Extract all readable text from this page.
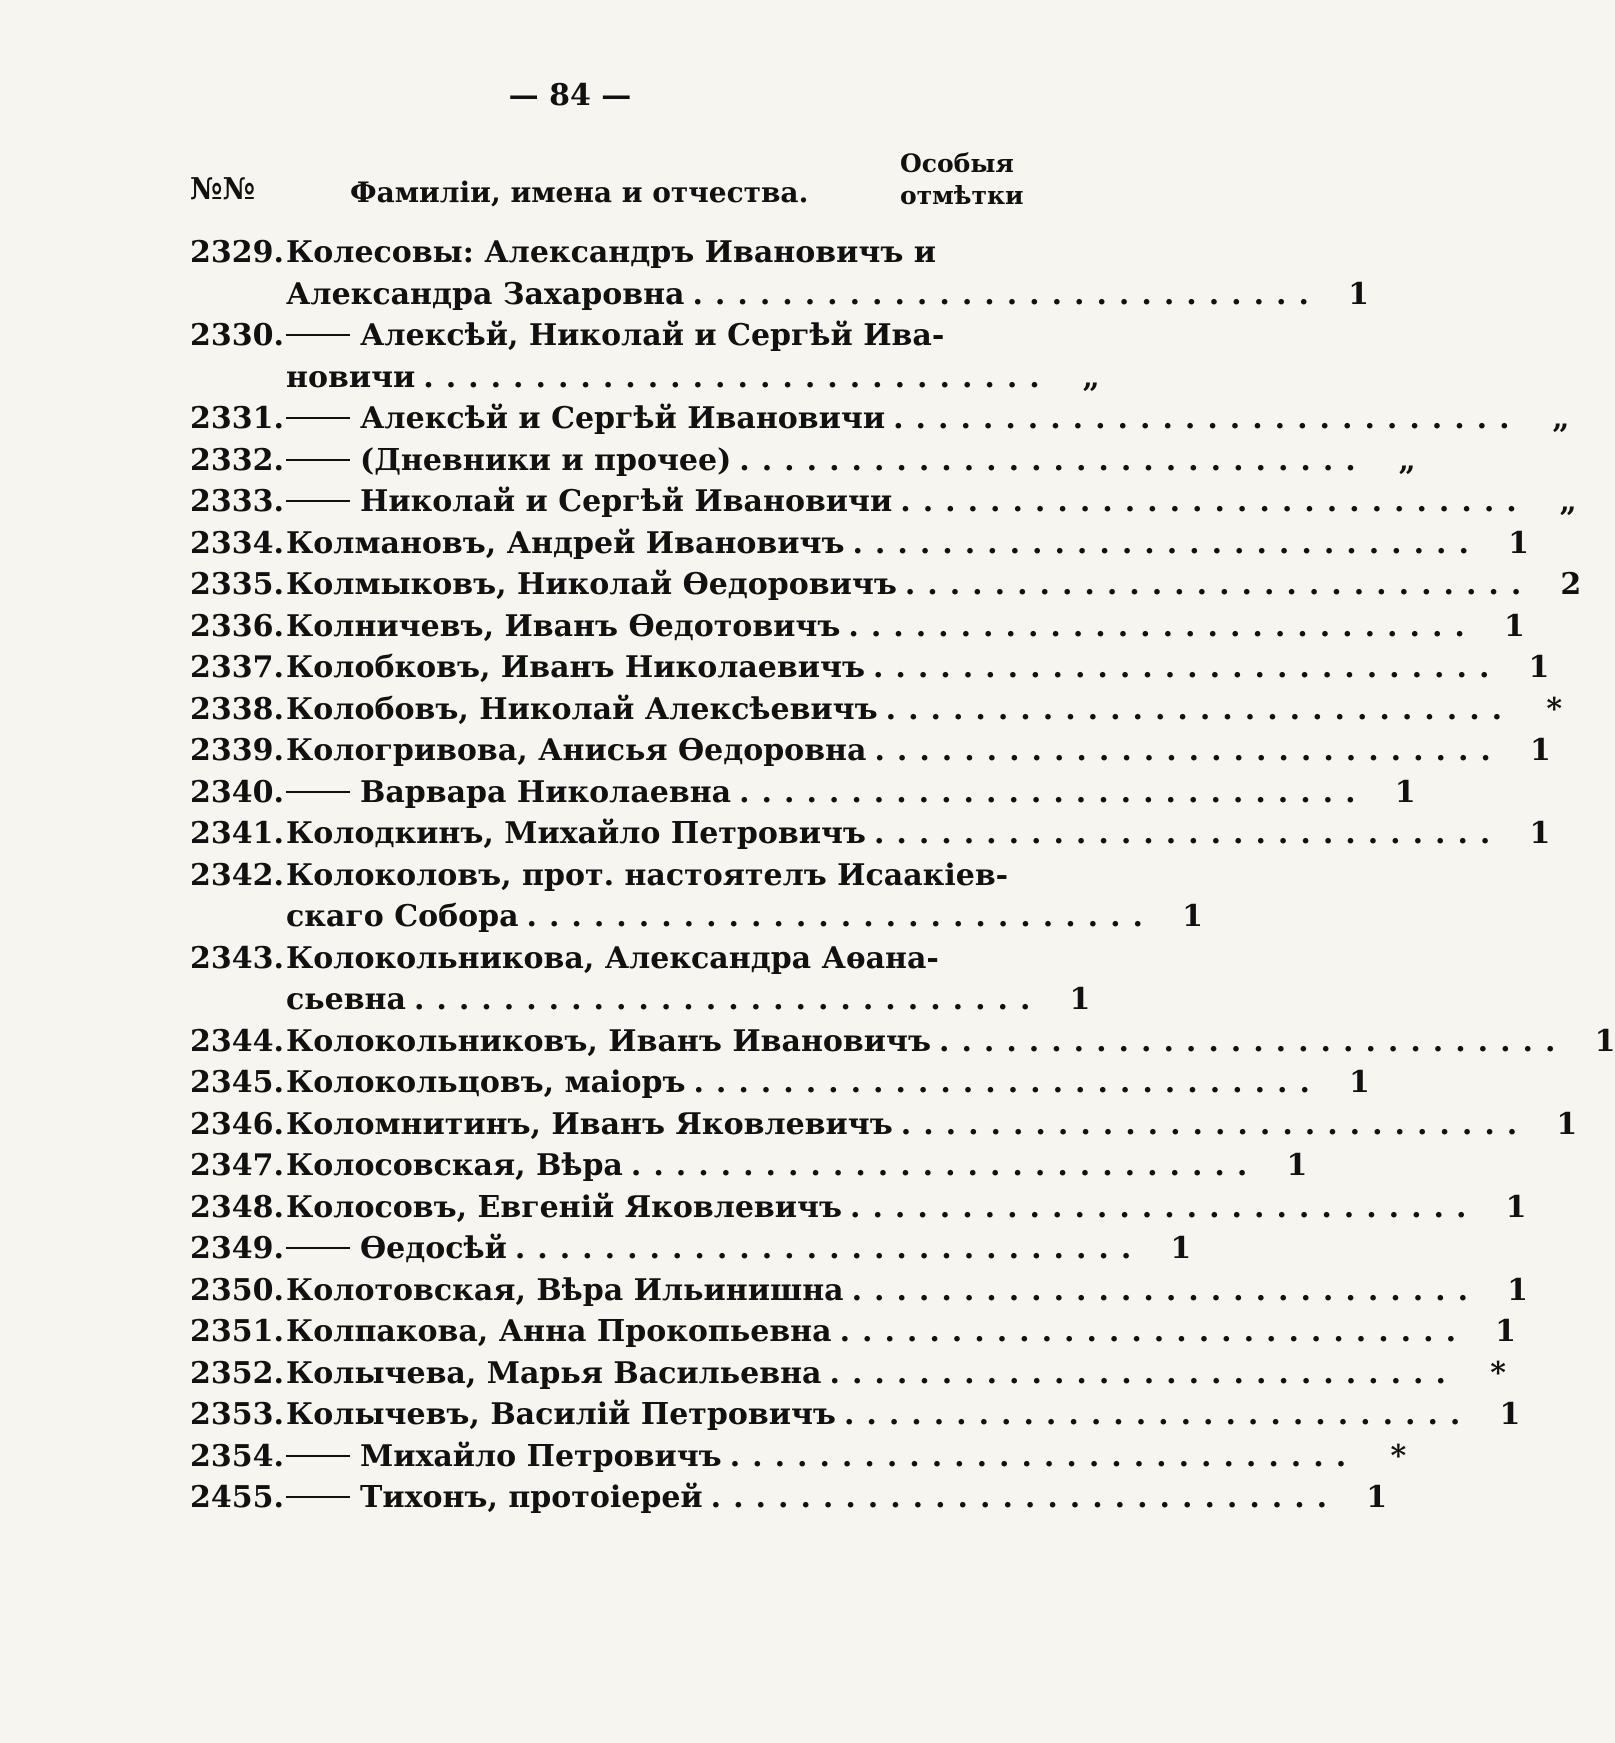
— 84 —
№№	Фамиліи, имена и отчества.
Особыя
отмѣтки
2329. Колесовы: Александръ Ивановичъ и
Александра Захаровна ............................ 1
2330.	Алексѣй, Николай и Сергѣй Ива-
новичи ............................	„
2331.	Алексѣй и Сергѣй Ивановичи ............................	„
2332.	(Дневники и прочее) ............................	„
2333.	Николай и Сергѣй Ивановичи ............................	„
2334. Колмановъ, Андрей Ивановичъ ............................ 1
2335. Колмыковъ, Николай Ѳедоровичъ ............................ 2
2336. Колничевъ, Иванъ Ѳедотовичъ ............................ 1
2337. Колобковъ, Иванъ Николаевичъ ............................ 1
2338. Колобовъ, Николай Алексѣевичъ ............................	*
2339. Кологривова, Анисья Ѳедоровна ............................ 1
2340.	Варвара Николаевна ............................ 1
2341. Колодкинъ, Михайло Петровичъ ............................ 1
2342. Колоколовъ, прот. настоятелъ Исаакіев-
скаго Собора ............................ 1
2343. Колокольникова, Александра Аѳана-
сьевна ............................ 1
2344. Колокольниковъ, Иванъ Ивановичъ ............................ 1
2345. Колокольцовъ, маіоръ ............................ 1
2346. Коломнитинъ, Иванъ Яковлевичъ ............................ 1
2347. Колосовская, Вѣра ............................ 1
2348. Колосовъ, Евгеній Яковлевичъ ............................ 1
2349.	Ѳедосѣй ............................ 1
2350. Колотовская, Вѣра Ильинишна ............................ 1
2351. Колпакова, Анна Прокопьевна ............................ 1
2352. Колычева, Марья Васильевна ............................	*
2353. Колычевъ, Василій Петровичъ ............................ 1
2354.	Михайло Петровичъ ............................	*
2455.	Тихонъ, протоіерей ............................ 1
